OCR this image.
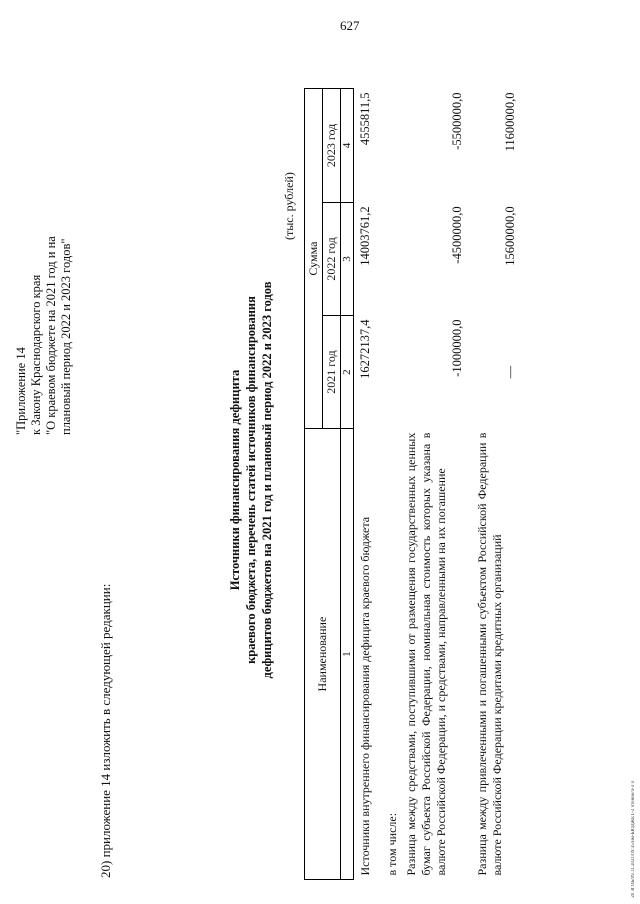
627
20) приложение 14 изложить в следующей редакции:
"Приложение 14 к Закону Краснодарского края "О краевом бюджете на 2021 год и на плановый период 2022 и 2023 годов"
Источники финансирования дефицита краевого бюджета, перечень статей источников финансирования дефицитов бюджетов на 2021 год и плановый период 2022 и 2023 годов
(тыс. рублей)
Наименование	Сумма		
	2021 год	2022 год	2023 год
1	2	3	4
Источники внутреннего финансирования дефицита краевого бюджета	16272137,4	14003761,2	4555811,5
в том числе:			
Разница между средствами, поступившими от размещения государственных ценных бумаг субъекта Российской Федерации, номинальная стоимость которых указана в валюте Российской Федерации, и средствами, направленными на их погашение	-1000000,0	-4500000,0	-5500000,0
Разница между привлеченными и погашенными субъектом Российской Федерации в валюте Российской Федерации кредитами кредитных организаций	—	15600000,0	11600000,0
20 ЗГОБ/09.11.2021/09:35/нм-БЮДЖЕТ-2 чтение/ч-3 ч
